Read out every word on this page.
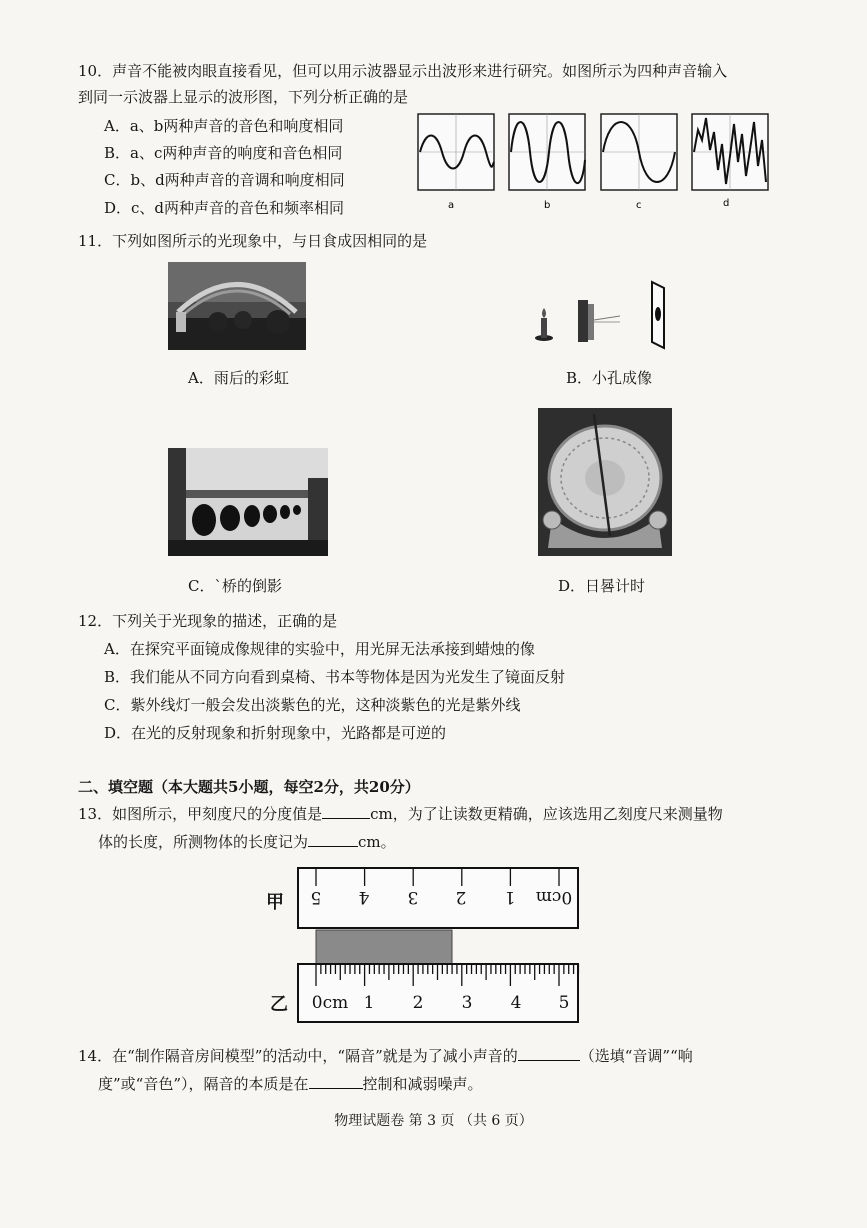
10．声音不能被肉眼直接看见，但可以用示波器显示出波形来进行研究。如图所示为四种声音输入
到同一示波器上显示的波形图，下列分析正确的是
A．a、b两种声音的音色和响度相同
B．a、c两种声音的响度和音色相同
C．b、d两种声音的音调和响度相同
D．c、d两种声音的音色和频率相同	a	b	c	d
11．下列如图所示的光现象中，与日食成因相同的是
A．雨后的彩虹	B．小孔成像
C．`桥的倒影	D．日晷计时
12．下列关于光现象的描述，正确的是
A．在探究平面镜成像规律的实验中，用光屏无法承接到蜡烛的像
B．我们能从不同方向看到桌椅、书本等物体是因为光发生了镜面反射
C．紫外线灯一般会发出淡紫色的光，这种淡紫色的光是紫外线
D．在光的反射现象和折射现象中，光路都是可逆的
二、填空题（本大题共5小题，每空2分，共20分）
13．如图所示，甲刻度尺的分度值是	cm，为了让读数更精确，应该选用乙刻度尺来测量物
体的长度，所测物体的长度记为	cm。
甲
乙
5 4 3 2 1 0cm
0cm 1 2 3 4 5
14．在“制作隔音房间模型”的活动中，“隔音”就是为了减小声音的	（选填“音调”“响
度”或“音色”），隔音的本质是在	控制和减弱噪声。
物理试题卷 第 3 页 （共 6 页）
